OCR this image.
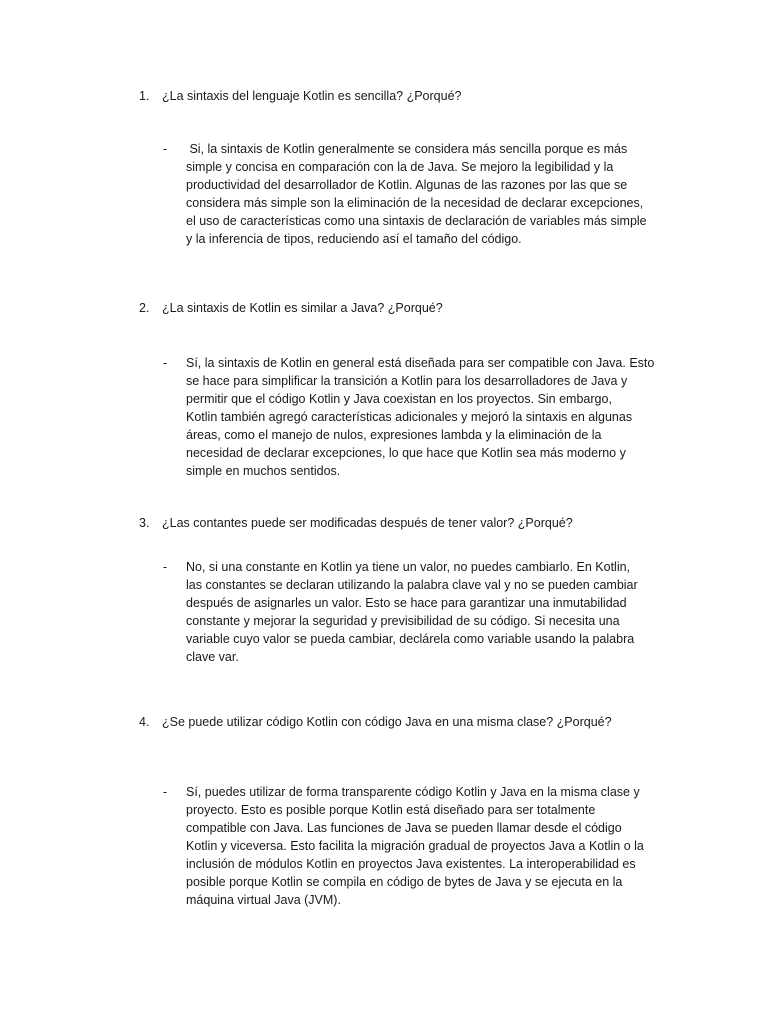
1. ¿La sintaxis del lenguaje Kotlin es sencilla? ¿Porqué?
- Si, la sintaxis de Kotlin generalmente se considera más sencilla porque es más
simple y concisa en comparación con la de Java. Se mejoro la legibilidad y la
productividad del desarrollador de Kotlin. Algunas de las razones por las que se
considera más simple son la eliminación de la necesidad de declarar excepciones,
el uso de características como una sintaxis de declaración de variables más simple
y la inferencia de tipos, reduciendo así el tamaño del código.
2. ¿La sintaxis de Kotlin es similar a Java? ¿Porqué?
- Sí, la sintaxis de Kotlin en general está diseñada para ser compatible con Java. Esto
se hace para simplificar la transición a Kotlin para los desarrolladores de Java y
permitir que el código Kotlin y Java coexistan en los proyectos. Sin embargo,
Kotlin también agregó características adicionales y mejoró la sintaxis en algunas
áreas, como el manejo de nulos, expresiones lambda y la eliminación de la
necesidad de declarar excepciones, lo que hace que Kotlin sea más moderno y
simple en muchos sentidos.
3. ¿Las contantes puede ser modificadas después de tener valor? ¿Porqué?
- No, si una constante en Kotlin ya tiene un valor, no puedes cambiarlo. En Kotlin,
las constantes se declaran utilizando la palabra clave val y no se pueden cambiar
después de asignarles un valor. Esto se hace para garantizar una inmutabilidad
constante y mejorar la seguridad y previsibilidad de su código. Si necesita una
variable cuyo valor se pueda cambiar, declárela como variable usando la palabra
clave var.
4. ¿Se puede utilizar código Kotlin con código Java en una misma clase? ¿Porqué?
- Sí, puedes utilizar de forma transparente código Kotlin y Java en la misma clase y
proyecto. Esto es posible porque Kotlin está diseñado para ser totalmente
compatible con Java. Las funciones de Java se pueden llamar desde el código
Kotlin y viceversa. Esto facilita la migración gradual de proyectos Java a Kotlin o la
inclusión de módulos Kotlin en proyectos Java existentes. La interoperabilidad es
posible porque Kotlin se compila en código de bytes de Java y se ejecuta en la
máquina virtual Java (JVM).
